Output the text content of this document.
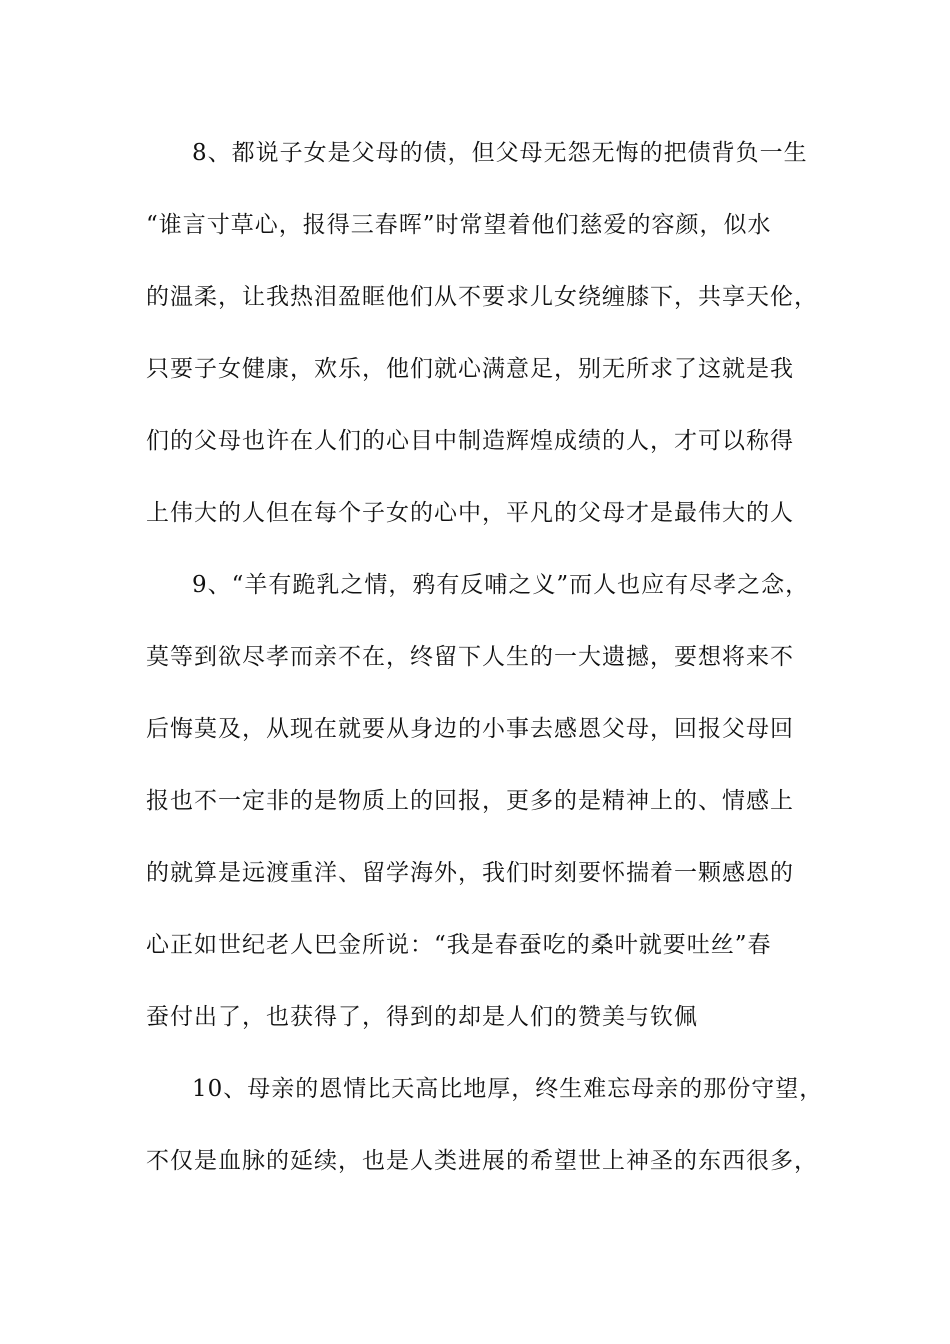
8、都说子女是父母的债，但父母无怨无悔的把债背负一生
“谁言寸草心，报得三春晖”时常望着他们慈爱的容颜，似水
的温柔，让我热泪盈眶他们从不要求儿女绕缠膝下，共享天伦，
只要子女健康，欢乐，他们就心满意足，别无所求了这就是我
们的父母也许在人们的心目中制造辉煌成绩的人，才可以称得
上伟大的人但在每个子女的心中，平凡的父母才是最伟大的人
9、“羊有跪乳之情，鸦有反哺之义”而人也应有尽孝之念，
莫等到欲尽孝而亲不在，终留下人生的一大遗撼，要想将来不
后悔莫及，从现在就要从身边的小事去感恩父母，回报父母回
报也不一定非的是物质上的回报，更多的是精神上的、情感上
的就算是远渡重洋、留学海外，我们时刻要怀揣着一颗感恩的
心正如世纪老人巴金所说：“我是春蚕吃的桑叶就要吐丝”春
蚕付出了，也获得了，得到的却是人们的赞美与钦佩
10、母亲的恩情比天高比地厚，终生难忘母亲的那份守望，
不仅是血脉的延续，也是人类进展的希望世上神圣的东西很多，
